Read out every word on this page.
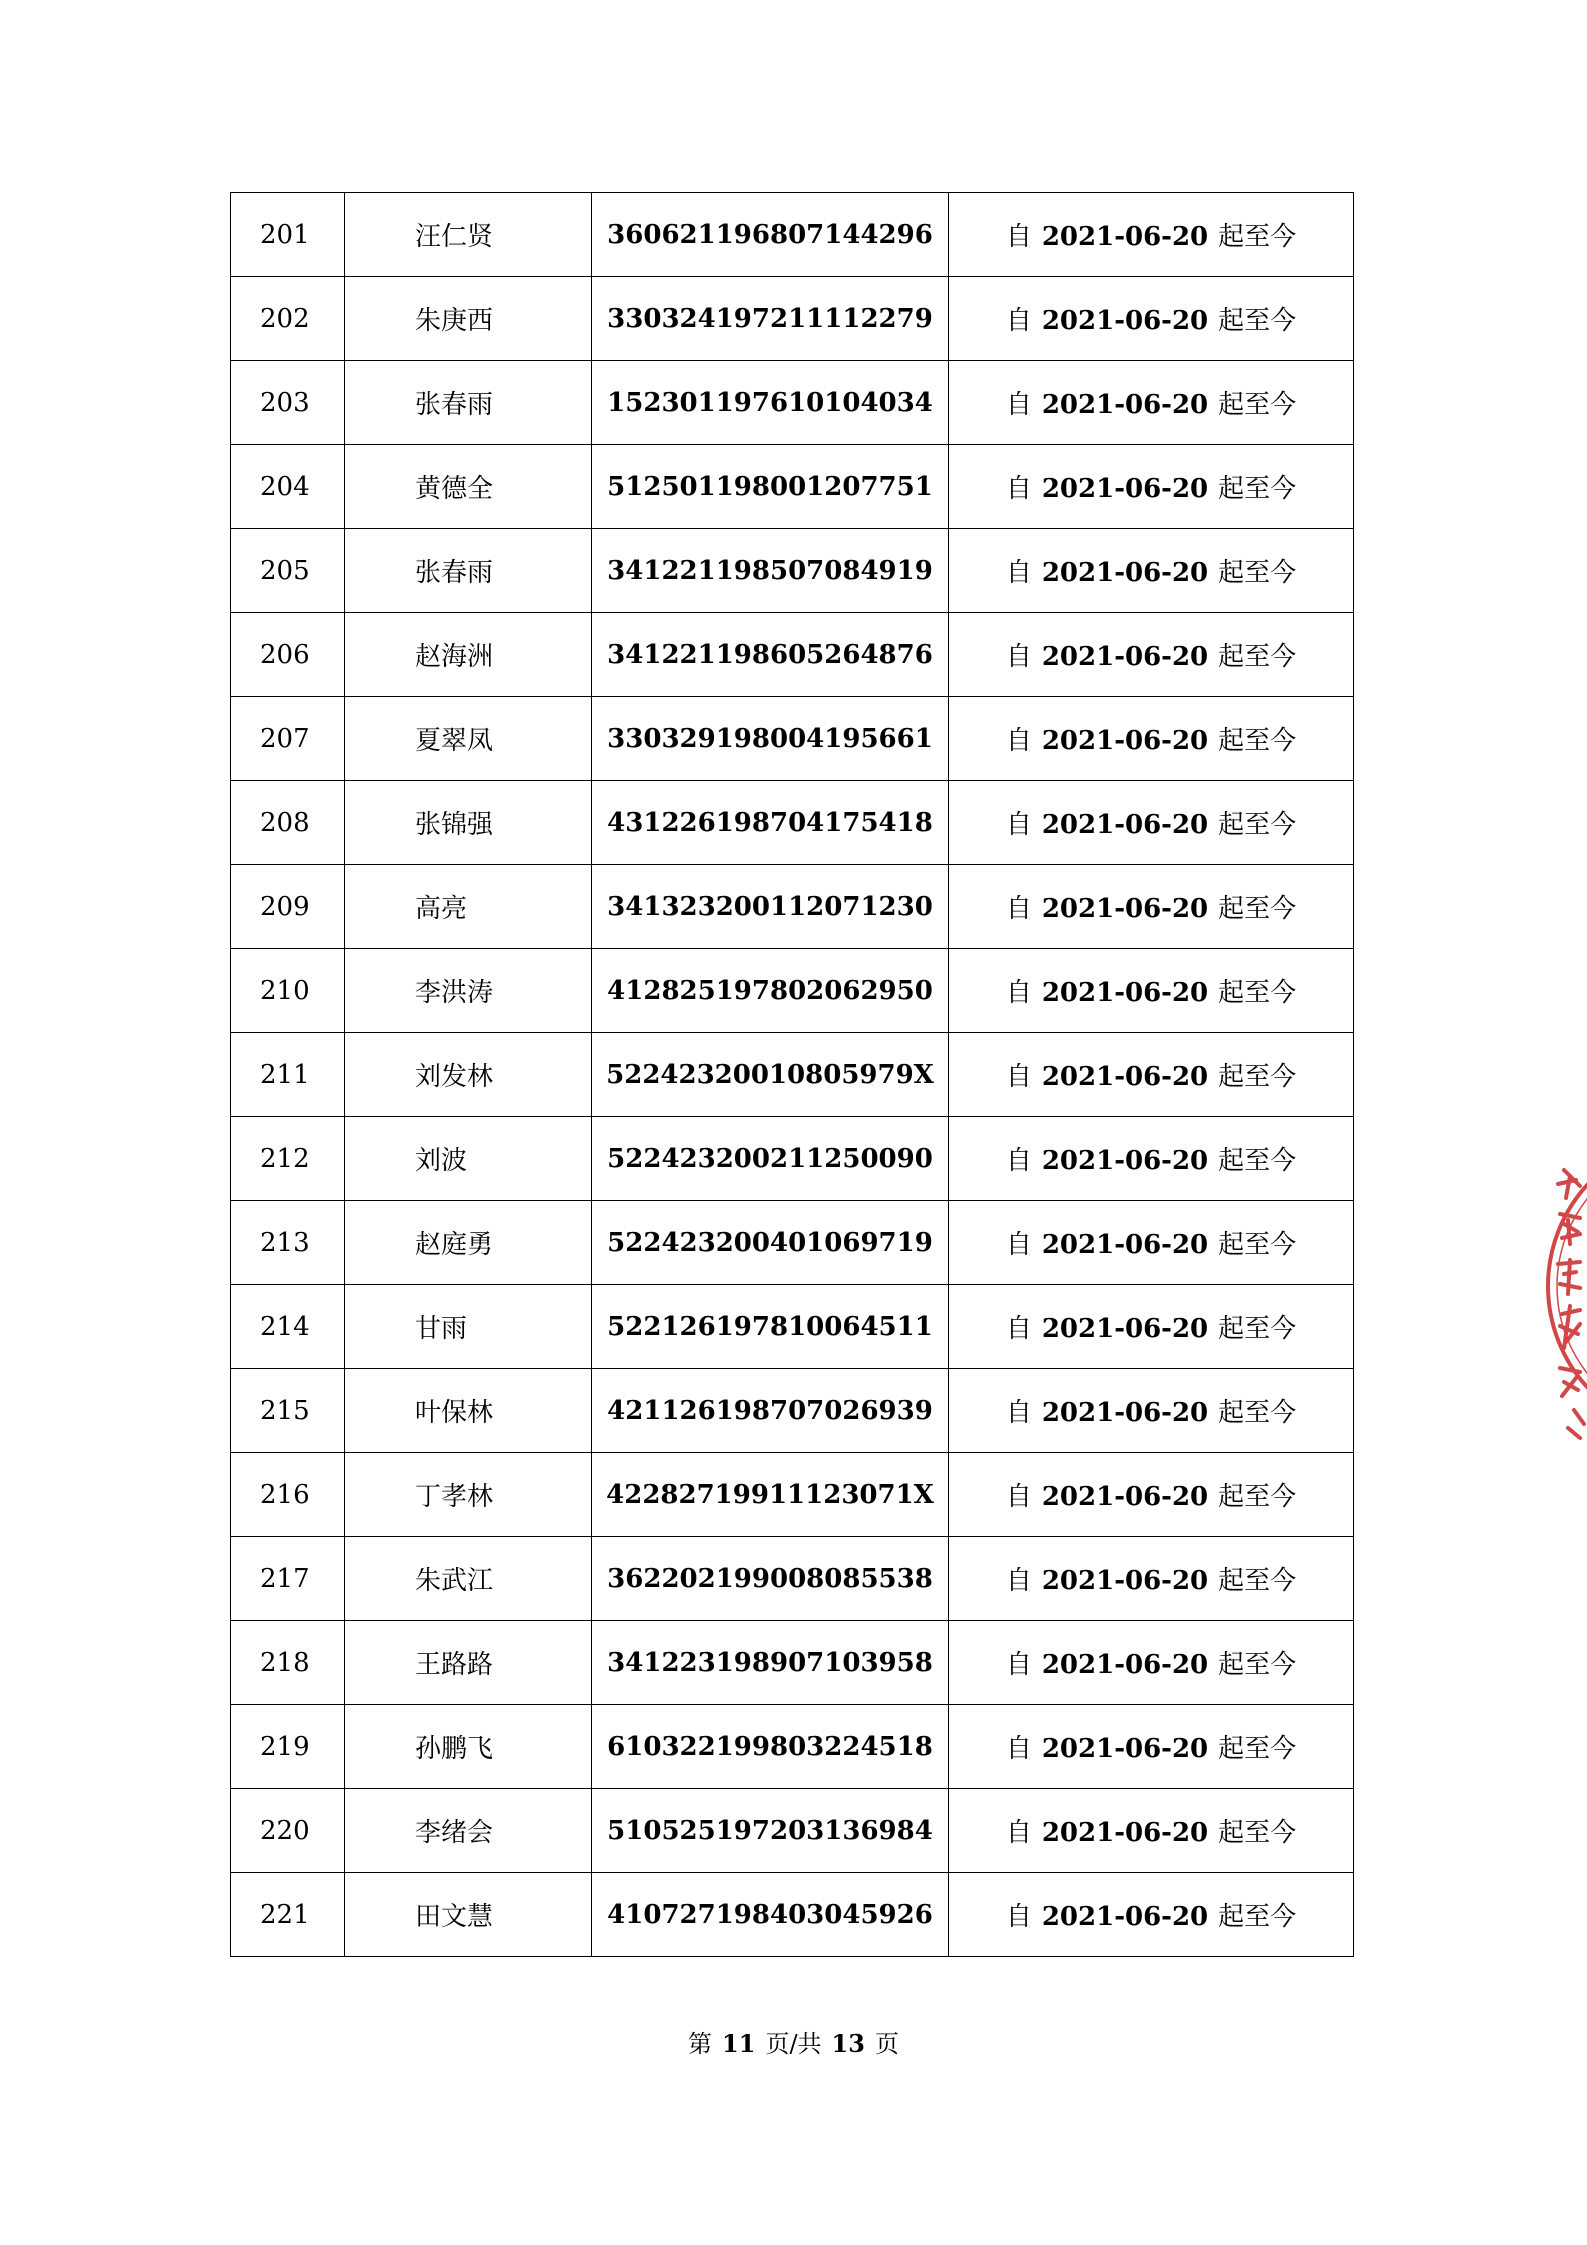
201	汪仁贤	360621196807144296	自 2021-06-20 起至今
202	朱庚西	330324197211112279	自 2021-06-20 起至今
203	张春雨	152301197610104034	自 2021-06-20 起至今
204	黄德全	512501198001207751	自 2021-06-20 起至今
205	张春雨	341221198507084919	自 2021-06-20 起至今
206	赵海洲	341221198605264876	自 2021-06-20 起至今
207	夏翠凤	330329198004195661	自 2021-06-20 起至今
208	张锦强	431226198704175418	自 2021-06-20 起至今
209	高亮	341323200112071230	自 2021-06-20 起至今
210	李洪涛	412825197802062950	自 2021-06-20 起至今
211	刘发林	52242320010805979X	自 2021-06-20 起至今
212	刘波	522423200211250090	自 2021-06-20 起至今
213	赵庭勇	522423200401069719	自 2021-06-20 起至今
214	甘雨	522126197810064511	自 2021-06-20 起至今
215	叶保林	421126198707026939	自 2021-06-20 起至今
216	丁孝林	42282719911123071X	自 2021-06-20 起至今
217	朱武江	362202199008085538	自 2021-06-20 起至今
218	王路路	341223198907103958	自 2021-06-20 起至今
219	孙鹏飞	610322199803224518	自 2021-06-20 起至今
220	李绪会	510525197203136984	自 2021-06-20 起至今
221	田文慧	410727198403045926	自 2021-06-20 起至今
第 11 页/共 13 页
